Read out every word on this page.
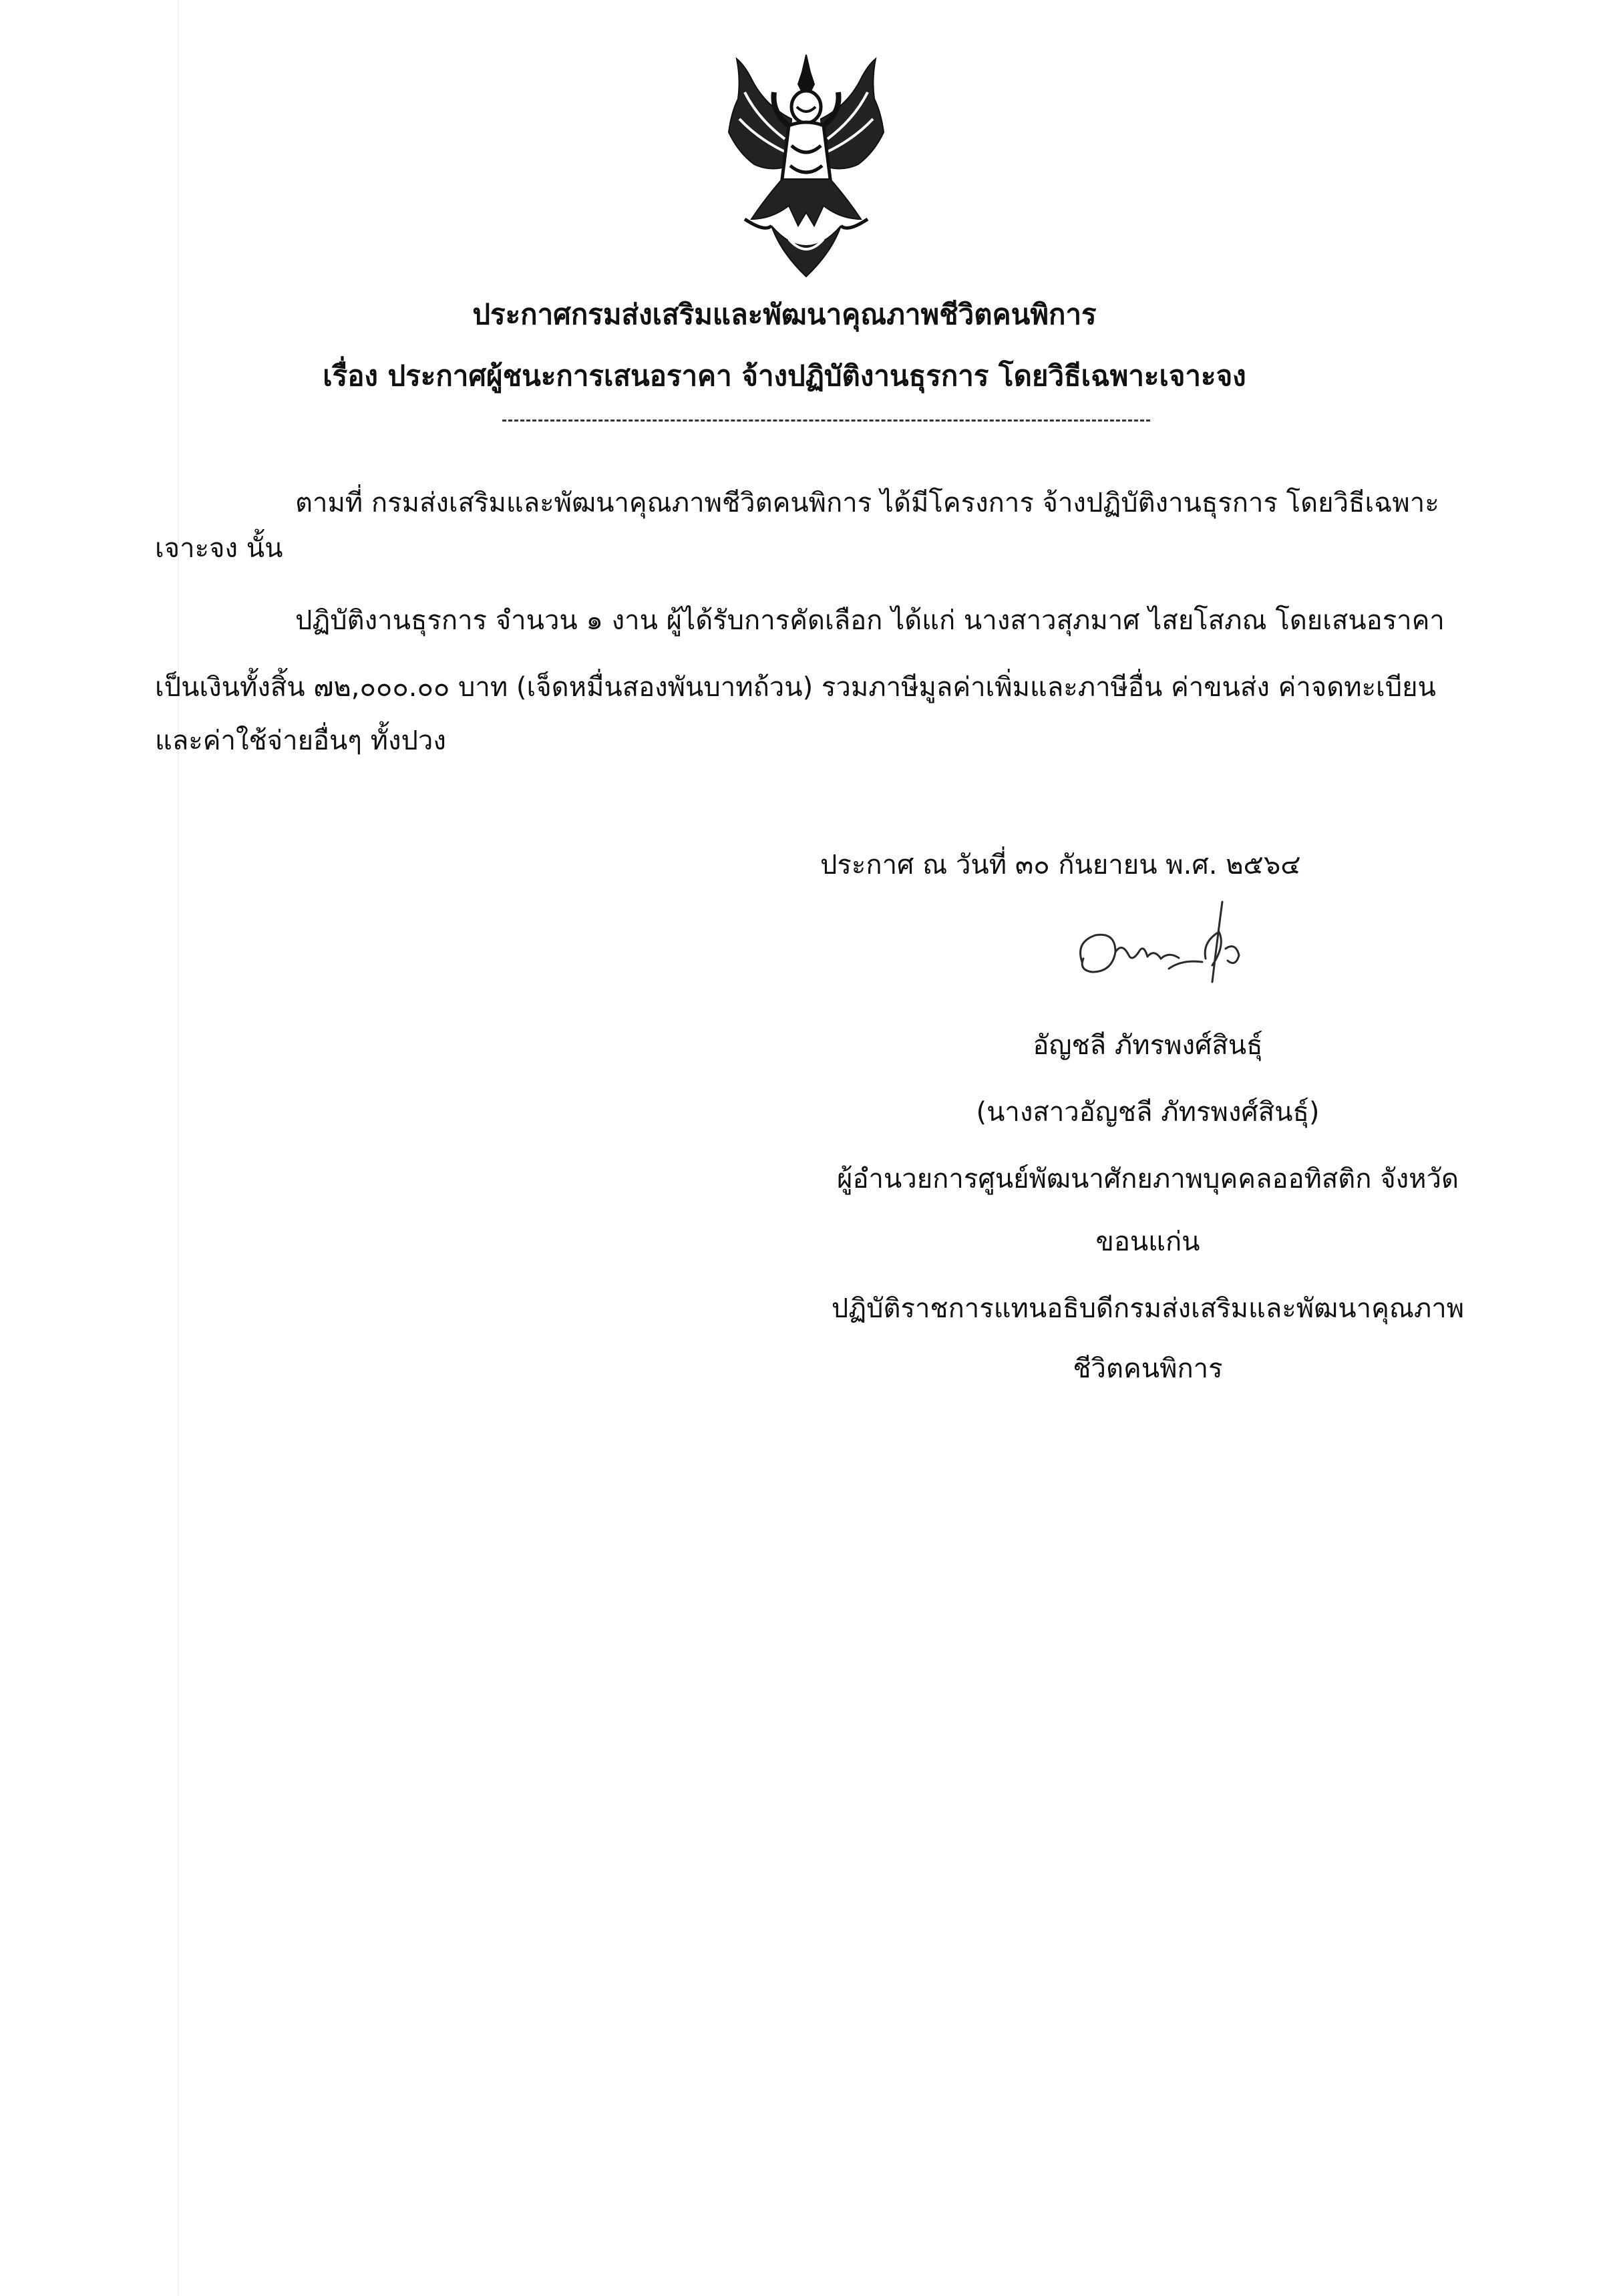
ประกาศกรมส่งเสริมและพัฒนาคุณภาพชีวิตคนพิการ
เรื่อง ประกาศผู้ชนะการเสนอราคา จ้างปฏิบัติงานธุรการ โดยวิธีเฉพาะเจาะจง
ตามที่ กรมส่งเสริมและพัฒนาคุณภาพชีวิตคนพิการ ได้มีโครงการ จ้างปฏิบัติงานธุรการ โดยวิธีเฉพาะ
เจาะจง นั้น
ปฏิบัติงานธุรการ จำนวน ๑ งาน ผู้ได้รับการคัดเลือก ได้แก่ นางสาวสุภมาศ ไสยโสภณ โดยเสนอราคา
เป็นเงินทั้งสิ้น ๗๒,๐๐๐.๐๐ บาท (เจ็ดหมื่นสองพันบาทถ้วน) รวมภาษีมูลค่าเพิ่มและภาษีอื่น ค่าขนส่ง ค่าจดทะเบียน
และค่าใช้จ่ายอื่นๆ ทั้งปวง
ประกาศ ณ วันที่ ๓๐ กันยายน พ.ศ. ๒๕๖๔
อัญชลี ภัทรพงศ์สินธุ์
(นางสาวอัญชลี ภัทรพงศ์สินธุ์)
ผู้อำนวยการศูนย์พัฒนาศักยภาพบุคคลออทิสติก จังหวัด
ขอนแก่น
ปฏิบัติราชการแทนอธิบดีกรมส่งเสริมและพัฒนาคุณภาพ
ชีวิตคนพิการ
